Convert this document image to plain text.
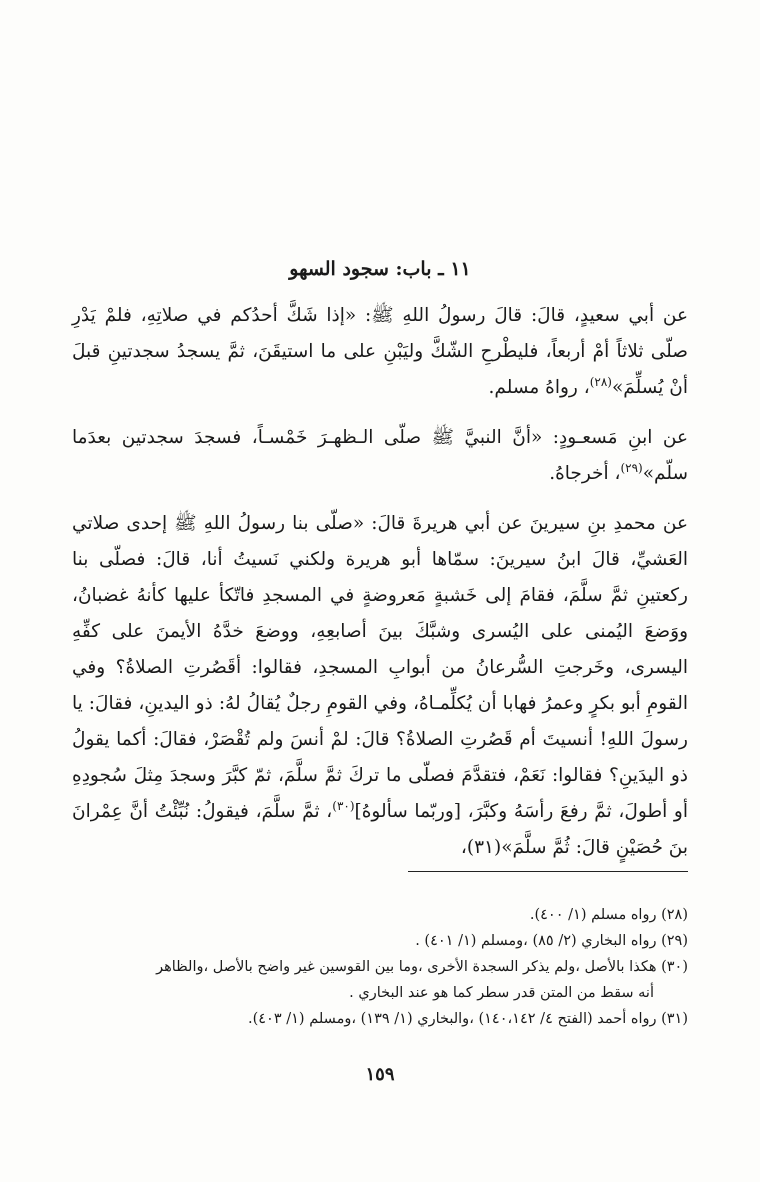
١١ ـ باب: سجود السهو

عن أبي سعيدٍ، قالَ: قالَ رسولُ اللهِ ﷺ: «إذا شَكَّ أحدُكم في صلاتِهِ، فلمْ يَدْرِ صلّى ثلاثاً أمْ أربعاً، فليطْرحِ الشّكَّ وليَبْنِ على ما استيقَنَ، ثمَّ يسجدُ سجدتينِ قبلَ أنْ يُسلِّمَ»$^{(٢٨)}$، رواهُ مسلم.

عن ابنِ مَسعـودٍ: «أنَّ النبيَّ ﷺ صلّى الـظهـرَ خَمْسـاً، فسجدَ سجدتين بعدَما سلّم»$^{(٢٩)}$، أخرجاهُ.

عن محمدِ بنِ سيرينَ عن أبي هريرةَ قالَ: «صلّى بنا رسولُ اللهِ ﷺ إحدى صلاتي العَشيِّ، قالَ ابنُ سيرينَ: سمّاها أبو هريرة ولكني نَسيتُ أنا، قالَ: فصلّى بنا ركعتينِ ثمَّ سلَّمَ، فقامَ إلى خَشبةٍ مَعروضةٍ في المسجدِ فاتّكأ عليها كأنهُ غضبانُ، ووَضعَ اليُمنى على اليُسرى وشبَّكَ بينَ أصابعِهِ، ووضعَ خدَّهُ الأيمنَ على كفِّهِ اليسرى، وخَرجتِ السُّرعانُ من أبوابِ المسجدِ، فقالوا: أقَصُرتِ الصلاةُ؟ وفي القومِ أبو بكرٍ وعمرُ فهابا أن يُكلِّمـاهُ، وفي القومِ رجلٌ يُقالُ لهُ: ذو اليدينِ، فقالَ: يا رسولَ اللهِ! أنسيتَ أم قَصُرتِ الصلاةُ؟ قالَ: لمْ أنسَ ولم تُقْصَرْ، فقالَ: أكما يقولُ ذو اليدَينِ؟ فقالوا: نَعَمْ، فتقدَّمَ فصلّى ما تركَ ثمَّ سلَّمَ، ثمّ كبَّرَ وسجدَ مِثلَ سُجودِهِ أو أطولَ، ثمَّ رفعَ رأسَهُ وكبَّرَ، [وربّما سألوهُ]$^{(٣٠)}$، ثمَّ سلَّمَ، فيقولُ: نُبِّئْتُ أنَّ عِمْرانَ بنَ حُصَيْنٍ قالَ: ثُمَّ سلَّمَ»(٣١)،

(٢٨) رواه مسلم (١/ ٤٠٠).

(٢٩) رواه البخاري (٢/ ٨٥) ،ومسلم (١/ ٤٠١) .

(٣٠) هكذا بالأصل ،ولم يذكر السجدة الأخرى ،وما بين القوسين غير واضح بالأصل ،والظاهر

أنه سقط من المتن قدر سطر كما هو عند البخاري .

(٣١) رواه أحمد (الفتح ٤/ ١٤٠،١٤٢) ،والبخاري (١/ ١٣٩) ،ومسلم (١/ ٤٠٣).

١٥٩
